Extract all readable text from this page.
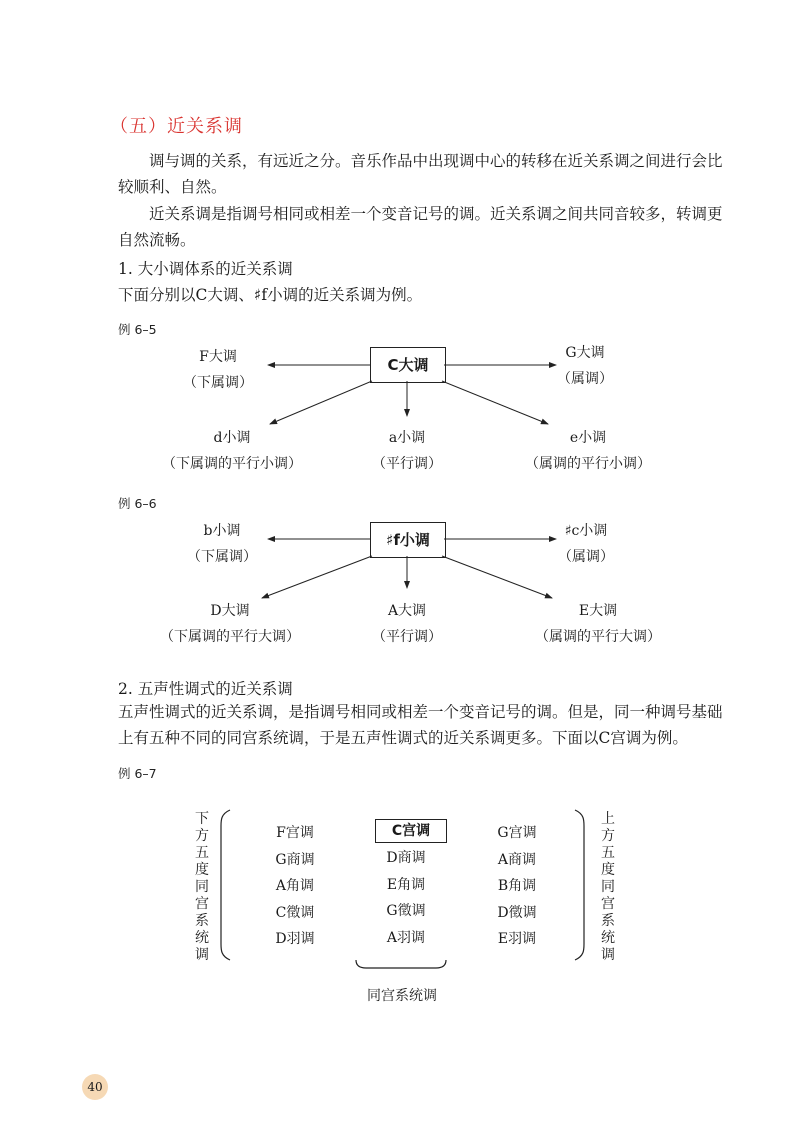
（五）近关系调
调与调的关系，有远近之分。音乐作品中出现调中心的转移在近关系调之间进行会比较顺利、自然。
近关系调是指调号相同或相差一个变音记号的调。近关系调之间共同音较多，转调更自然流畅。
1. 大小调体系的近关系调
下面分别以C大调、♯f小调的近关系调为例。
例 6–5
C大调
F大调
（下属调）
G大调
（属调）
d小调
（下属调的平行小调）
a小调
（平行调）
e小调
（属调的平行小调）
例 6–6
♯f小调
b小调
（下属调）
♯c小调
（属调）
D大调
（下属调的平行大调）
A大调
（平行调）
E大调
（属调的平行大调）
2. 五声性调式的近关系调
五声性调式的近关系调，是指调号相同或相差一个变音记号的调。但是，同一种调号基础上有五种不同的同宫系统调，于是五声性调式的近关系调更多。下面以C宫调为例。
例 6–7
下方五度同宫系统调
上方五度同宫系统调
F宫调
G商调
A角调
C徵调
D羽调
C宫调
D商调
E角调
G徵调
A羽调
G宫调
A商调
B角调
D徵调
E羽调
同宫系统调
40
